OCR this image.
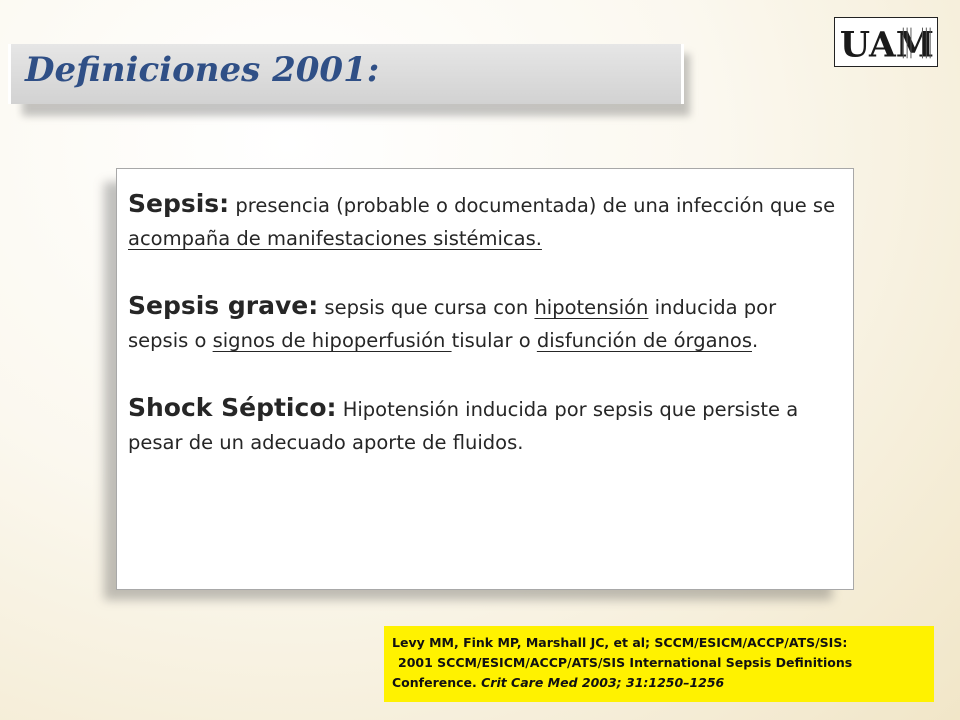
Definiciones 2001:
UAM

Sepsis: presencia (probable o documentada) de una infección que se acompaña de manifestaciones sistémicas.

Sepsis grave: sepsis que cursa con hipotensión inducida por sepsis o signos de hipoperfusión tisular o disfunción de órganos.

Shock Séptico: Hipotensión inducida por sepsis que persiste a pesar de un adecuado aporte de fluidos.

Levy MM, Fink MP, Marshall JC, et al; SCCM/ESICM/ACCP/ATS/SIS:
2001 SCCM/ESICM/ACCP/ATS/SIS International Sepsis Definitions
Conference. Crit Care Med 2003; 31:1250–1256
